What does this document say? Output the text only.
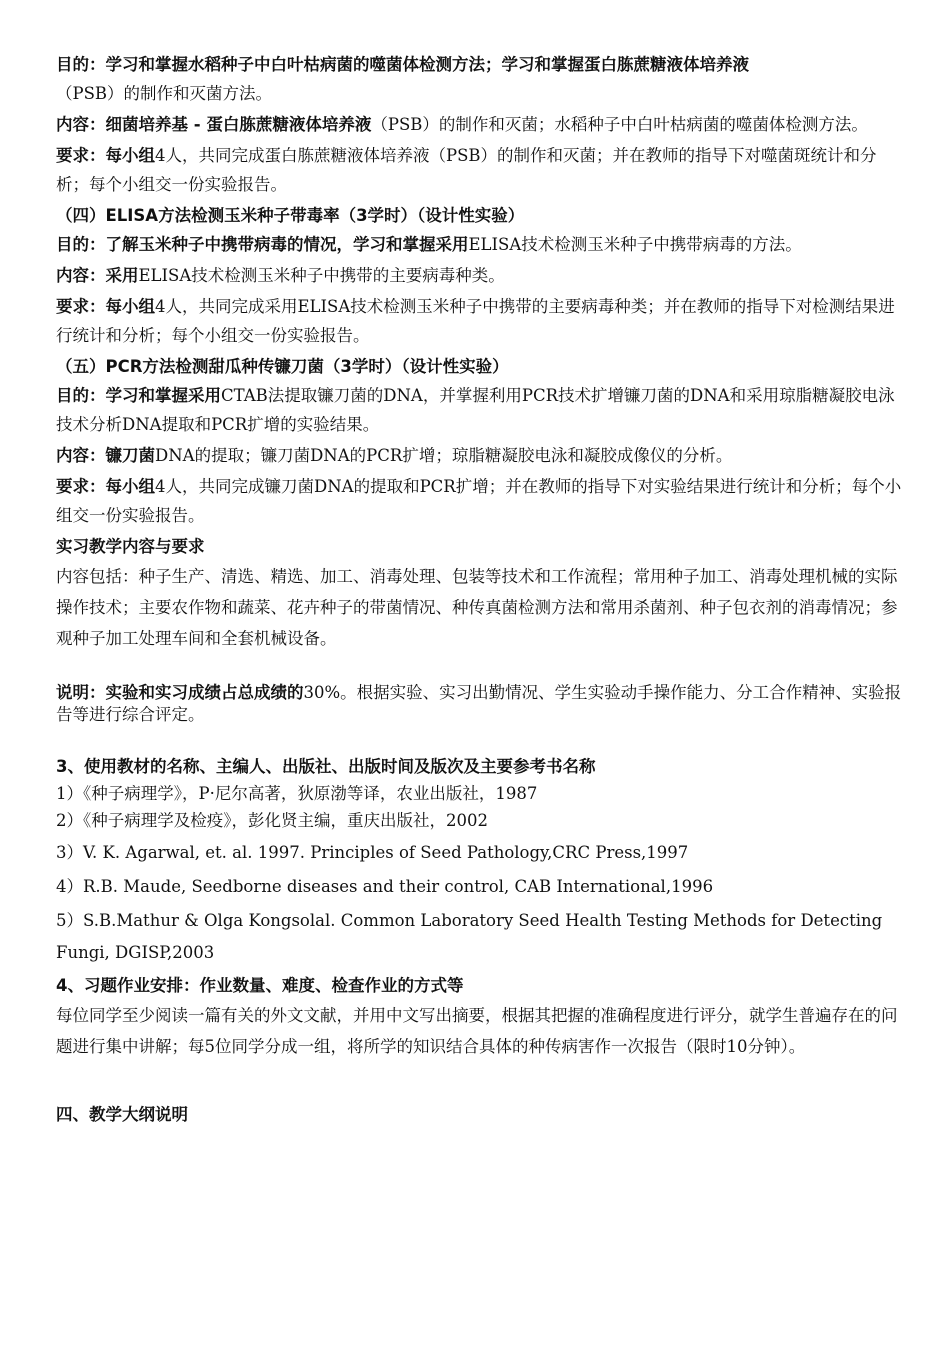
目的：学习和掌握水稻种子中白叶枯病菌的噬菌体检测方法；学习和掌握蛋白胨蔗糖液体培养液
（PSB）的制作和灭菌方法。

内容：细菌培养基 - 蛋白胨蔗糖液体培养液（PSB）的制作和灭菌；水稻种子中白叶枯病菌的噬菌体检测方法。

要求：每小组4人，共同完成蛋白胨蔗糖液体培养液（PSB）的制作和灭菌；并在教师的指导下对噬菌斑统计和分析；每个小组交一份实验报告。

（四）ELISA方法检测玉米种子带毒率（3学时）（设计性实验）

目的：了解玉米种子中携带病毒的情况，学习和掌握采用ELISA技术检测玉米种子中携带病毒的方法。

内容：采用ELISA技术检测玉米种子中携带的主要病毒种类。

要求：每小组4人，共同完成采用ELISA技术检测玉米种子中携带的主要病毒种类；并在教师的指导下对检测结果进行统计和分析；每个小组交一份实验报告。

（五）PCR方法检测甜瓜种传镰刀菌（3学时）（设计性实验）

目的：学习和掌握采用CTAB法提取镰刀菌的DNA，并掌握利用PCR技术扩增镰刀菌的DNA和采用琼脂糖凝胶电泳技术分析DNA提取和PCR扩增的实验结果。

内容：镰刀菌DNA的提取；镰刀菌DNA的PCR扩增；琼脂糖凝胶电泳和凝胶成像仪的分析。

要求：每小组4人，共同完成镰刀菌DNA的提取和PCR扩增；并在教师的指导下对实验结果进行统计和分析；每个小组交一份实验报告。

实习教学内容与要求

内容包括：种子生产、清选、精选、加工、消毒处理、包装等技术和工作流程；常用种子加工、消毒处理机械的实际操作技术；主要农作物和蔬菜、花卉种子的带菌情况、种传真菌检测方法和常用杀菌剂、种子包衣剂的消毒情况；参观种子加工处理车间和全套机械设备。

说明：实验和实习成绩占总成绩的30%。根据实验、实习出勤情况、学生实验动手操作能力、分工合作精神、实验报告等进行综合评定。

3、使用教材的名称、主编人、出版社、出版时间及版次及主要参考书名称

1）《种子病理学》，P·尼尔高著，狄原渤等译，农业出版社，1987

2）《种子病理学及检疫》，彭化贤主编，重庆出版社，2002

3）V. K. Agarwal, et. al. 1997. Principles of Seed Pathology,CRC Press,1997

4）R.B. Maude, Seedborne diseases and their control, CAB International,1996

5）S.B.Mathur & Olga Kongsolal. Common Laboratory Seed Health Testing Methods for Detecting Fungi, DGISP,2003

4、习题作业安排：作业数量、难度、检查作业的方式等

每位同学至少阅读一篇有关的外文文献，并用中文写出摘要，根据其把握的准确程度进行评分，就学生普遍存在的问题进行集中讲解；每5位同学分成一组，将所学的知识结合具体的种传病害作一次报告（限时10分钟）。

四、教学大纲说明
